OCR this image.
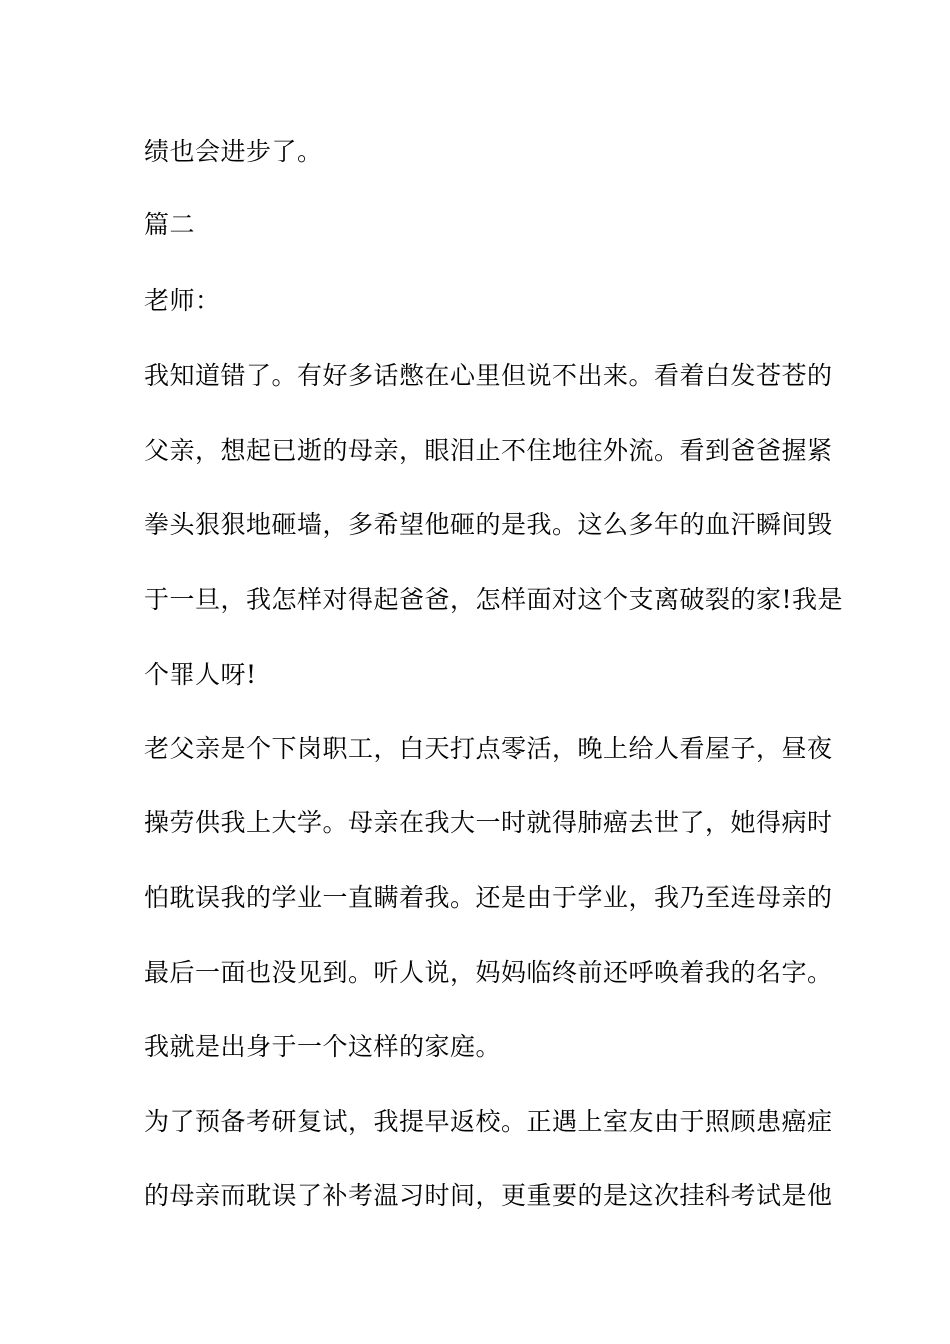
绩也会进步了。
篇二
老师：
我知道错了。有好多话憋在心里但说不出来。看着白发苍苍的
父亲，想起已逝的母亲，眼泪止不住地往外流。看到爸爸握紧
拳头狠狠地砸墙，多希望他砸的是我。这么多年的血汗瞬间毁
于一旦，我怎样对得起爸爸，怎样面对这个支离破裂的家!我是
个罪人呀!
老父亲是个下岗职工，白天打点零活，晚上给人看屋子，昼夜
操劳供我上大学。母亲在我大一时就得肺癌去世了，她得病时
怕耽误我的学业一直瞒着我。还是由于学业，我乃至连母亲的
最后一面也没见到。听人说，妈妈临终前还呼唤着我的名字。
我就是出身于一个这样的家庭。
为了预备考研复试，我提早返校。正遇上室友由于照顾患癌症
的母亲而耽误了补考温习时间，更重要的是这次挂科考试是他
